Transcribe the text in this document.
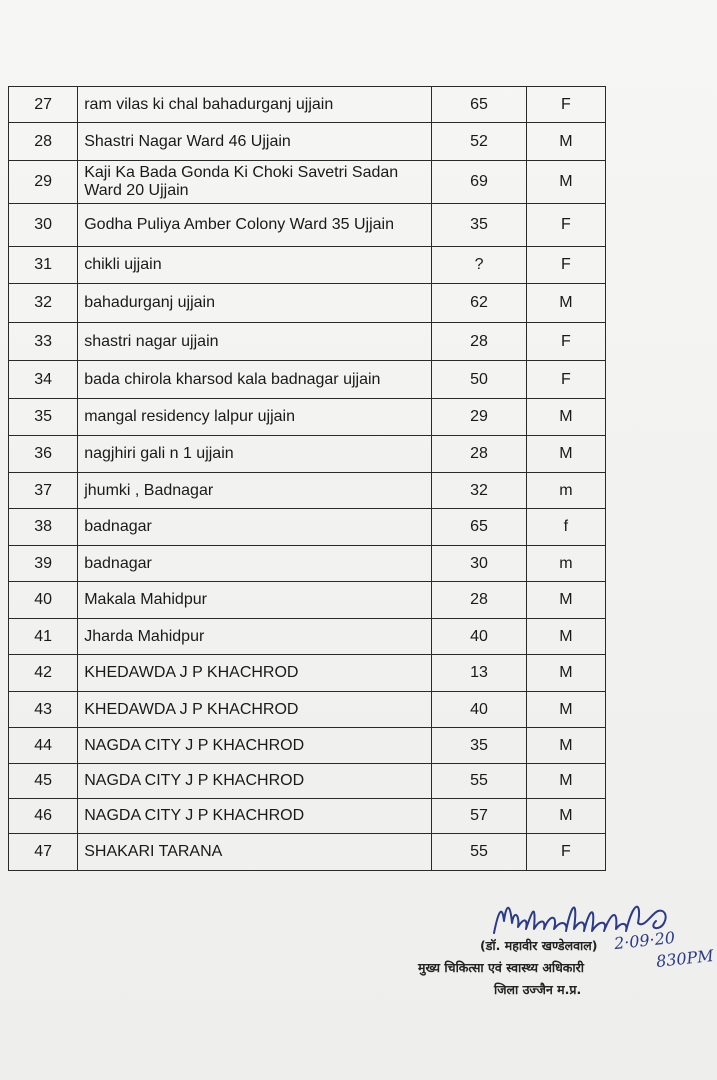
27	ram vilas ki chal bahadurganj ujjain	65	F
28	Shastri Nagar Ward 46 Ujjain	52	M
29	Kaji Ka Bada Gonda Ki Choki Savetri Sadan Ward 20 Ujjain	69	M
30	Godha Puliya Amber Colony Ward 35 Ujjain	35	F
31	chikli ujjain	?	F
32	bahadurganj ujjain	62	M
33	shastri nagar ujjain	28	F
34	bada chirola kharsod kala badnagar ujjain	50	F
35	mangal residency lalpur ujjain	29	M
36	nagjhiri gali n 1 ujjain	28	M
37	jhumki , Badnagar	32	m
38	badnagar	65	f
39	badnagar	30	m
40	Makala Mahidpur	28	M
41	Jharda Mahidpur	40	M
42	KHEDAWDA J P KHACHROD	13	M
43	KHEDAWDA J P KHACHROD	40	M
44	NAGDA CITY J P KHACHROD	35	M
45	NAGDA CITY J P KHACHROD	55	M
46	NAGDA CITY J P KHACHROD	57	M
47	SHAKARI TARANA	55	F
(डॉ. महावीर खण्डेलवाल) 2·09·20
मुख्य चिकित्सा एवं स्वास्थ्य अधिकारी	830PM
जिला उज्जैन म.प्र.
